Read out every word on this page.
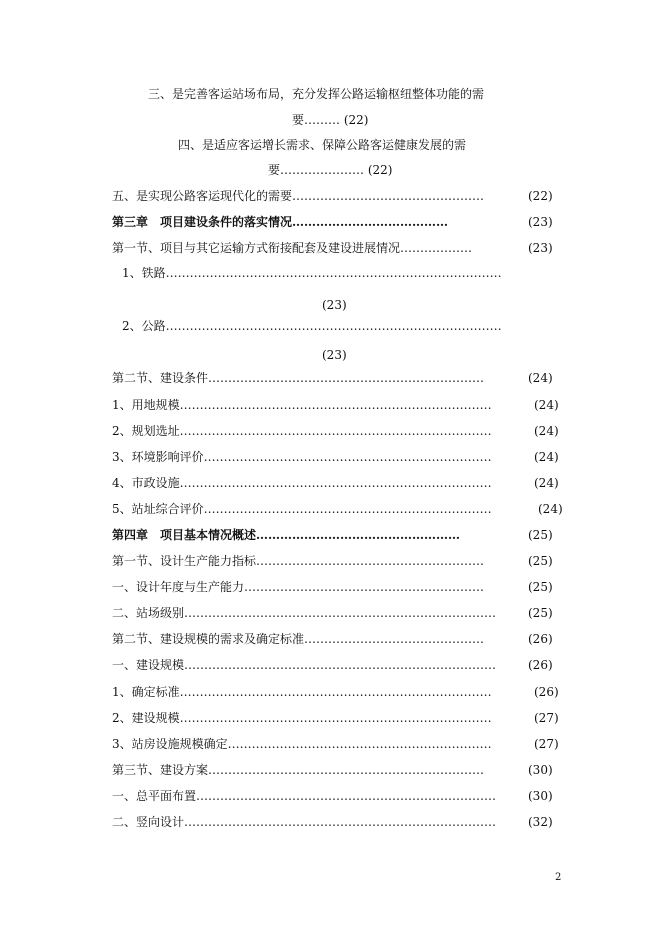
三、是完善客运站场布局，充分发挥公路运输枢纽整体功能的需
要……… (22)
四、是适应客运增长需求、保障公路客运健康发展的需
要………………… (22)
五、是实现公路客运现代化的需要…………………………………………	(22)
第三章　项目建设条件的落实情况…………………………………	(23)
第一节、项目与其它运输方式衔接配套及建设进展情况………………	(23)
1、铁路…………………………………………………………………………
(23)
2、公路…………………………………………………………………………
(23)
第二节、建设条件……………………………………………………………	(24)
1、用地规模……………………………………………………………………	(24)
2、规划选址……………………………………………………………………	(24)
3、环境影响评价………………………………………………………………	(24)
4、市政设施……………………………………………………………………	(24)
5、站址综合评价………………………………………………………………	(24)
第四章　项目基本情况概述……………………………………………	(25)
第一节、设计生产能力指标…………………………………………………	(25)
一、设计年度与生产能力……………………………………………………	(25)
二、站场级别……………………………………………………………………	(25)
第二节、建设规模的需求及确定标准………………………………………	(26)
一、建设规模……………………………………………………………………	(26)
1、确定标准……………………………………………………………………	(26)
2、建设规模……………………………………………………………………	(27)
3、站房设施规模确定…………………………………………………………	(27)
第三节、建设方案……………………………………………………………	(30)
一、总平面布置…………………………………………………………………	(30)
二、竖向设计……………………………………………………………………	(32)
2
